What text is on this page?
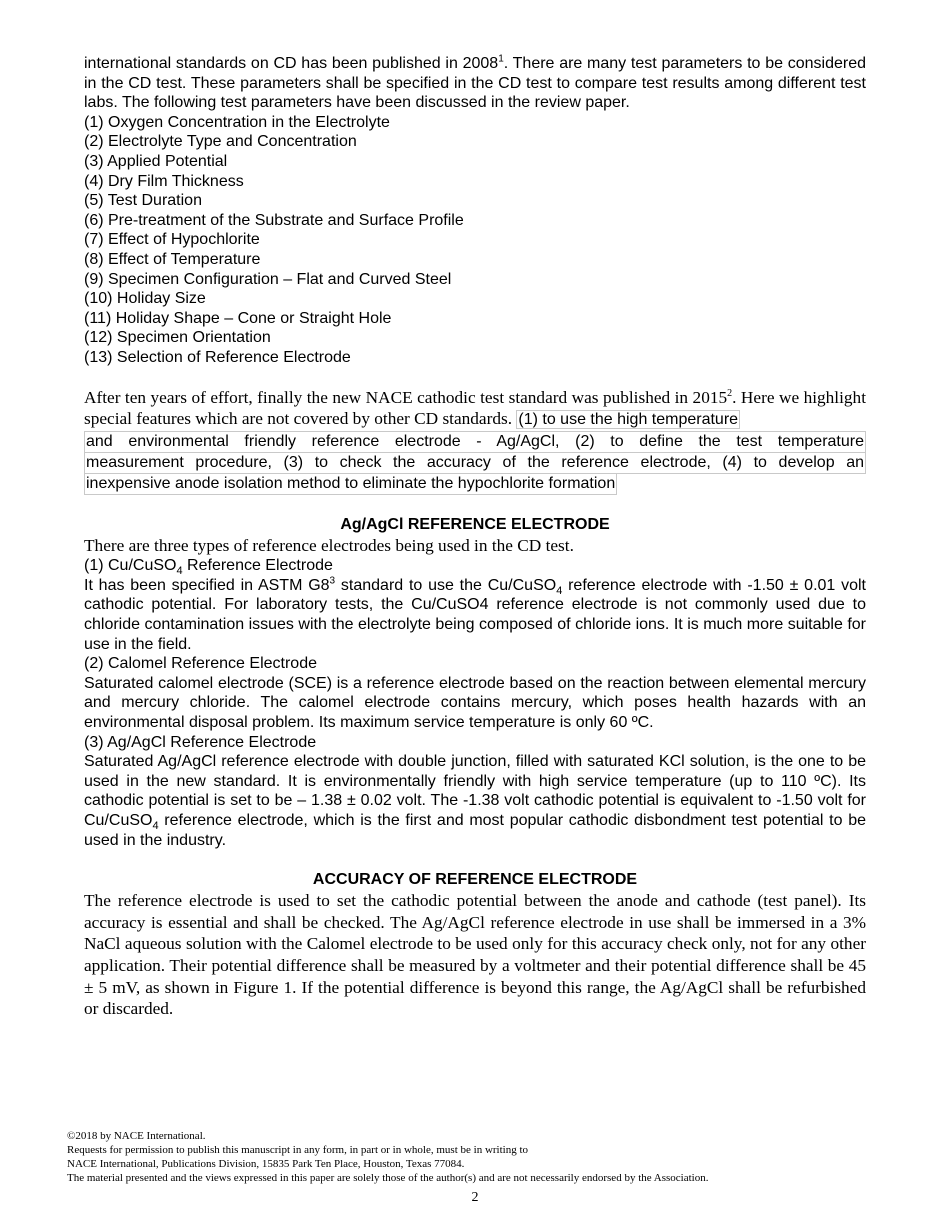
international standards on CD has been published in 2008$^1$. There are many test parameters to be considered in the CD test. These parameters shall be specified in the CD test to compare test results among different test labs. The following test parameters have been discussed in the review paper.

(1) Oxygen Concentration in the Electrolyte
(2) Electrolyte Type and Concentration
(3) Applied Potential
(4) Dry Film Thickness
(5) Test Duration
(6) Pre-treatment of the Substrate and Surface Profile
(7) Effect of Hypochlorite
(8) Effect of Temperature
(9) Specimen Configuration – Flat and Curved Steel
(10) Holiday Size
(11) Holiday Shape – Cone or Straight Hole
(12) Specimen Orientation
(13) Selection of Reference Electrode

After ten years of effort, finally the new NACE cathodic test standard was published in 2015$^2$. Here we highlight special features which are not covered by other CD standards. (1) to use the high temperature

and environmental friendly reference electrode - Ag/AgCl, (2) to define the test temperature
measurement procedure, (3) to check the accuracy of the reference electrode, (4) to develop an
inexpensive anode isolation method to eliminate the hypochlorite formation
Ag/AgCl REFERENCE ELECTRODE

There are three types of reference electrodes being used in the CD test.

(1) Cu/CuSO$_4$ Reference Electrode

It has been specified in ASTM $G8^3$ standard to use the Cu/CuSO$_4$ reference electrode with -1.50 ± 0.01 volt cathodic potential. For laboratory tests, the Cu/CuSO4 reference electrode is not commonly used due to chloride contamination issues with the electrolyte being composed of chloride ions. It is much more suitable for use in the field.

(2) Calomel Reference Electrode

Saturated calomel electrode (SCE) is a reference electrode based on the reaction between elemental mercury and mercury chloride. The calomel electrode contains mercury, which poses health hazards with an environmental disposal problem. Its maximum service temperature is only 60 ºC.

(3) Ag/AgCl Reference Electrode

Saturated Ag/AgCl reference electrode with double junction, filled with saturated KCl solution, is the one to be used in the new standard. It is environmentally friendly with high service temperature (up to 110 ºC). Its cathodic potential is set to be – 1.38 ± 0.02 volt. The -1.38 volt cathodic potential is equivalent to -1.50 volt for Cu/CuSO$_4$ reference electrode, which is the first and most popular cathodic disbondment test potential to be used in the industry.

ACCURACY OF REFERENCE ELECTRODE

The reference electrode is used to set the cathodic potential between the anode and cathode (test panel). Its accuracy is essential and shall be checked. The Ag/AgCl reference electrode in use shall be immersed in a 3% NaCl aqueous solution with the Calomel electrode to be used only for this accuracy check only, not for any other application. Their potential difference shall be measured by a voltmeter and their potential difference shall be 45 ± 5 mV, as shown in Figure 1. If the potential difference is beyond this range, the Ag/AgCl shall be refurbished or discarded.

©2018 by NACE International.
Requests for permission to publish this manuscript in any form, in part or in whole, must be in writing to
NACE International, Publications Division, 15835 Park Ten Place, Houston, Texas 77084.
The material presented and the views expressed in this paper are solely those of the author(s) and are not necessarily endorsed by the Association.
2
